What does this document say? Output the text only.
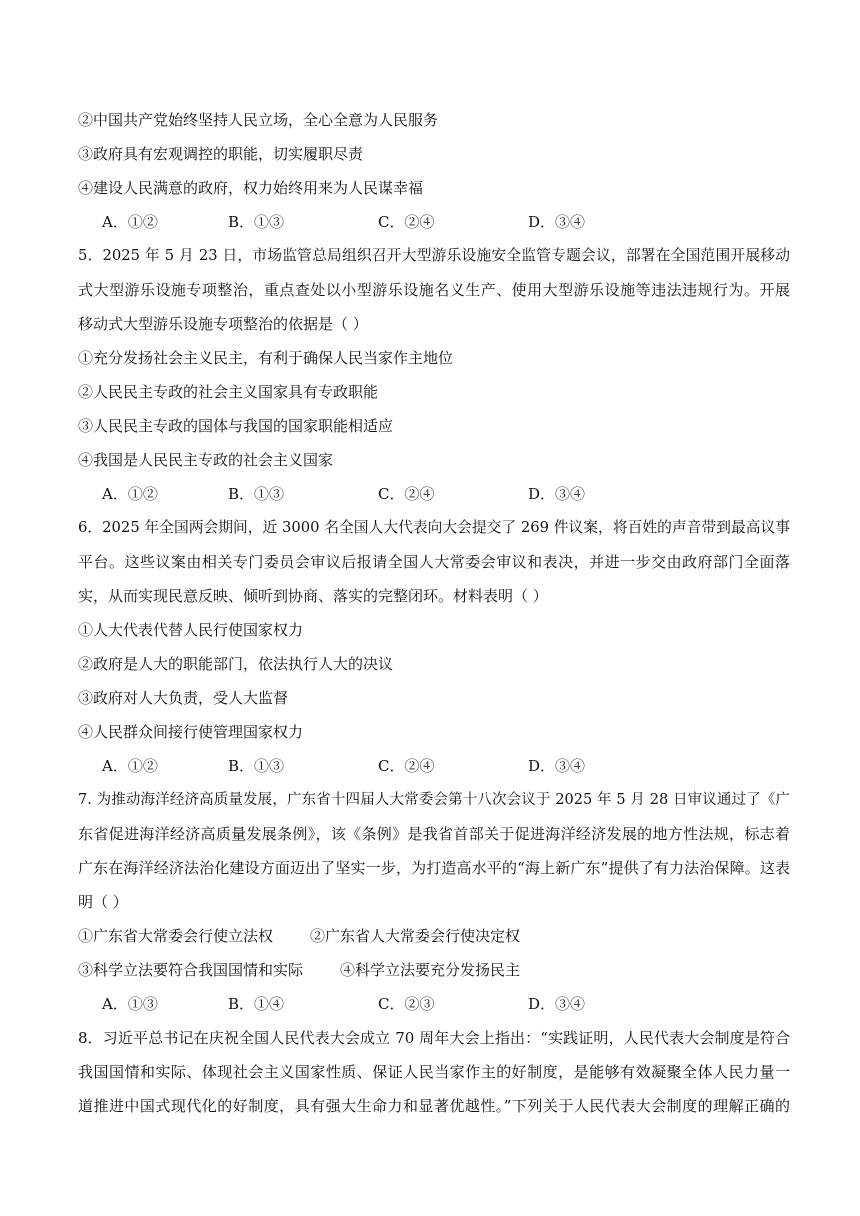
②中国共产党始终坚持人民立场，全心全意为人民服务
③政府具有宏观调控的职能，切实履职尽责
④建设人民满意的政府，权力始终用来为人民谋幸福
A．①②	B．①③	C．②④	D．③④
5．2025 年 5 月 23 日，市场监管总局组织召开大型游乐设施安全监管专题会议，部署在全国范围开展移动
式大型游乐设施专项整治，重点查处以小型游乐设施名义生产、使用大型游乐设施等违法违规行为。开展
移动式大型游乐设施专项整治的依据是（ ）
①充分发扬社会主义民主，有利于确保人民当家作主地位
②人民民主专政的社会主义国家具有专政职能
③人民民主专政的国体与我国的国家职能相适应
④我国是人民民主专政的社会主义国家
A．①②	B．①③	C．②④	D．③④
6．2025 年全国两会期间，近 3000 名全国人大代表向大会提交了 269 件议案，将百姓的声音带到最高议事
平台。这些议案由相关专门委员会审议后报请全国人大常委会审议和表决，并进一步交由政府部门全面落
实，从而实现民意反映、倾听到协商、落实的完整闭环。材料表明（ ）
①人大代表代替人民行使国家权力
②政府是人大的职能部门，依法执行人大的决议
③政府对人大负责，受人大监督
④人民群众间接行使管理国家权力
A．①②	B．①③	C．②④	D．③④
7. 为推动海洋经济高质量发展，广东省十四届人大常委会第十八次会议于 2025 年 5 月 28 日审议通过了《广
东省促进海洋经济高质量发展条例》，该《条例》是我省首部关于促进海洋经济发展的地方性法规，标志着
广东在海洋经济法治化建设方面迈出了坚实一步，为打造高水平的“海上新广东”提供了有力法治保障。这表
明（ ）
①广东省大常委会行使立法权 ②广东省人大常委会行使决定权
③科学立法要符合我国国情和实际 ④科学立法要充分发扬民主
A．①③	B．①④	C．②③	D．③④
8．习近平总书记在庆祝全国人民代表大会成立 70 周年大会上指出：“实践证明，人民代表大会制度是符合
我国国情和实际、体现社会主义国家性质、保证人民当家作主的好制度，是能够有效凝聚全体人民力量一
道推进中国式现代化的好制度，具有强大生命力和显著优越性。”下列关于人民代表大会制度的理解正确的
